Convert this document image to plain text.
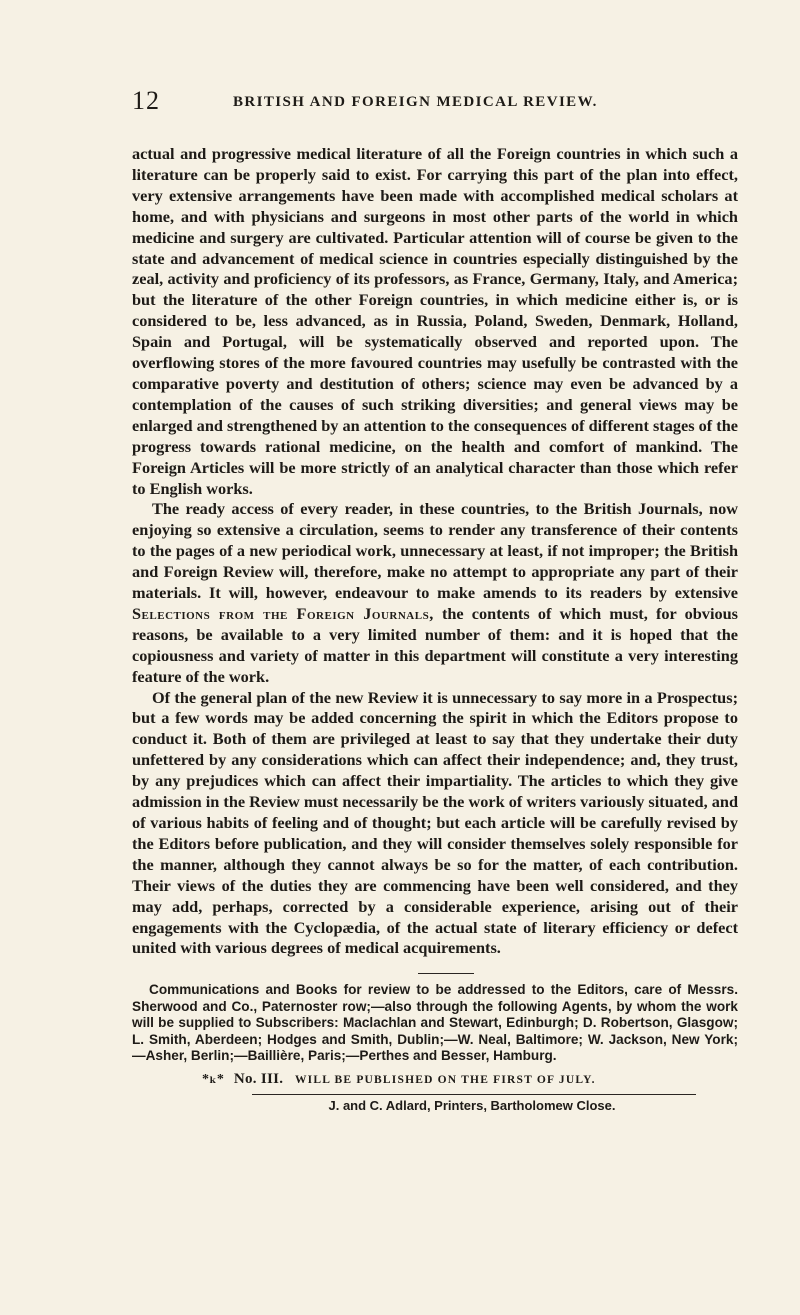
12	BRITISH AND FOREIGN MEDICAL REVIEW.

actual and progressive medical literature of all the Foreign countries in which such a literature can be properly said to exist. For carrying this part of the plan into effect, very extensive arrangements have been made with accomplished medical scholars at home, and with physicians and surgeons in most other parts of the world in which medicine and surgery are cultivated. Particular attention will of course be given to the state and advancement of medical science in countries especially distinguished by the zeal, activity and proficiency of its professors, as France, Germany, Italy, and America; but the literature of the other Foreign countries, in which medicine either is, or is considered to be, less advanced, as in Russia, Poland, Sweden, Denmark, Holland, Spain and Portugal, will be systematically observed and reported upon. The overflowing stores of the more favoured countries may usefully be contrasted with the comparative poverty and destitution of others; science may even be advanced by a contemplation of the causes of such striking diversities; and general views may be enlarged and strengthened by an attention to the consequences of different stages of the progress towards rational medicine, on the health and comfort of mankind. The Foreign Articles will be more strictly of an analytical character than those which refer to English works.

The ready access of every reader, in these countries, to the British Journals, now enjoying so extensive a circulation, seems to render any transference of their contents to the pages of a new periodical work, unnecessary at least, if not improper; the British and Foreign Review will, therefore, make no attempt to appropriate any part of their materials. It will, however, endeavour to make amends to its readers by extensive Selections from the Foreign Journals, the contents of which must, for obvious reasons, be available to a very limited number of them: and it is hoped that the copiousness and variety of matter in this department will constitute a very interesting feature of the work.

Of the general plan of the new Review it is unnecessary to say more in a Prospectus; but a few words may be added concerning the spirit in which the Editors propose to conduct it. Both of them are privileged at least to say that they undertake their duty unfettered by any considerations which can affect their independence; and, they trust, by any prejudices which can affect their impartiality. The articles to which they give admission in the Review must necessarily be the work of writers variously situated, and of various habits of feeling and of thought; but each article will be carefully revised by the Editors before publication, and they will consider themselves solely responsible for the manner, although they cannot always be so for the matter, of each contribution. Their views of the duties they are commencing have been well considered, and they may add, perhaps, corrected by a considerable experience, arising out of their engagements with the Cyclopædia, of the actual state of literary efficiency or defect united with various degrees of medical acquirements.

Communications and Books for review to be addressed to the Editors, care of Messrs. Sherwood and Co., Paternoster row;—also through the following Agents, by whom the work will be supplied to Subscribers: Maclachlan and Stewart, Edinburgh; D. Robertson, Glasgow; L. Smith, Aberdeen; Hodges and Smith, Dublin;—W. Neal, Baltimore; W. Jackson, New York;—Asher, Berlin;—Baillière, Paris;—Perthes and Besser, Hamburg.

*ₖ* No. III. WILL BE PUBLISHED ON THE FIRST OF JULY.
J. and C. Adlard, Printers, Bartholomew Close.
